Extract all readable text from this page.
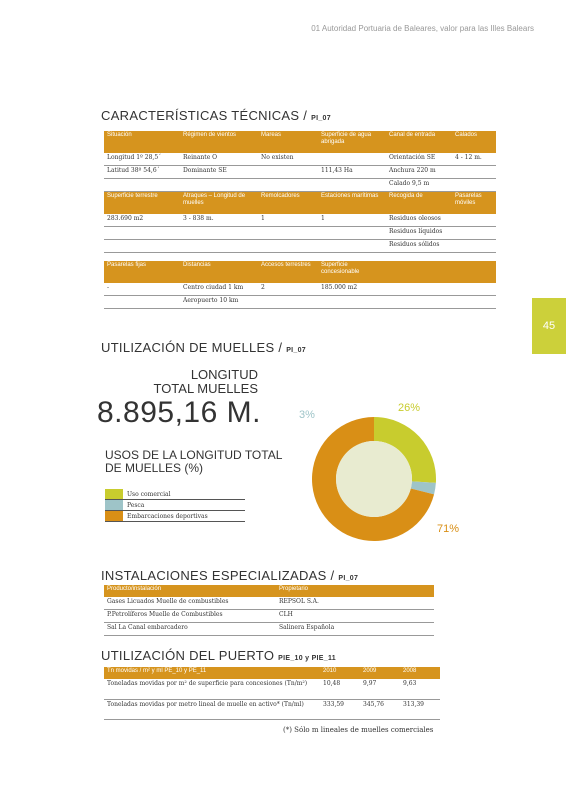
01 Autoridad Portuaria de Baleares, valor para las Illes Balears
45
CARACTERÍSTICAS TÉCNICAS / PI_07
Situación	Régimen de vientos	Mareas	Superficie de agua abrigada	Canal de entrada	Calados
Longitud 1º 28,5´	Reinante O	No existen		Orientación SE	4 - 12 m.
Latitud 38º 54,6´	Dominante SE		111,43 Ha	Anchura 220 m	
				Calado 9,5 m	
Superficie terrestre	Atraques – Longitud de muelles	Remolcadores	Estaciones marítimas	Recogida de	Pasarelas móviles
283.690 m2	3 - 838 m.	1	1	Residuos oleosos	
				Residuos líquidos	
				Residuos sólidos	
Pasarelas fijas	Distancias	Accesos terrestres	Superficie concesionable		
-	Centro ciudad 1 km	2	185.000 m2		
	Aeropuerto 10 km				
UTILIZACIÓN DE MUELLES / PI_07
LONGITUD TOTAL MUELLES
8.895,16 M.
USOS DE LA LONGITUD TOTAL DE MUELLES (%)
Uso comercial
Pesca
Embarcaciones deportivas
3%
26%
71%
INSTALACIONES ESPECIALIZADAS / PI_07
Producto/instalación	Propietario
Gases Licuados Muelle de combustibles	REPSOL S.A.
P.Petrolíferos Muelle de Combustibles	CLH
Sal La Canal embarcadero	Salinera Española
UTILIZACIÓN DEL PUERTO PIE_10 y PIE_11
Tn movidas / m² y ml PE_10 y PE_11	2010	2009	2008
Toneladas movidas por m² de superficie para concesiones (Tn/m²)	10,48	9,97	9,63
Toneladas movidas por metro lineal de muelle en activo* (Tn/ml)	333,59	345,76	313,39
(*) Sólo m lineales de muelles comerciales
